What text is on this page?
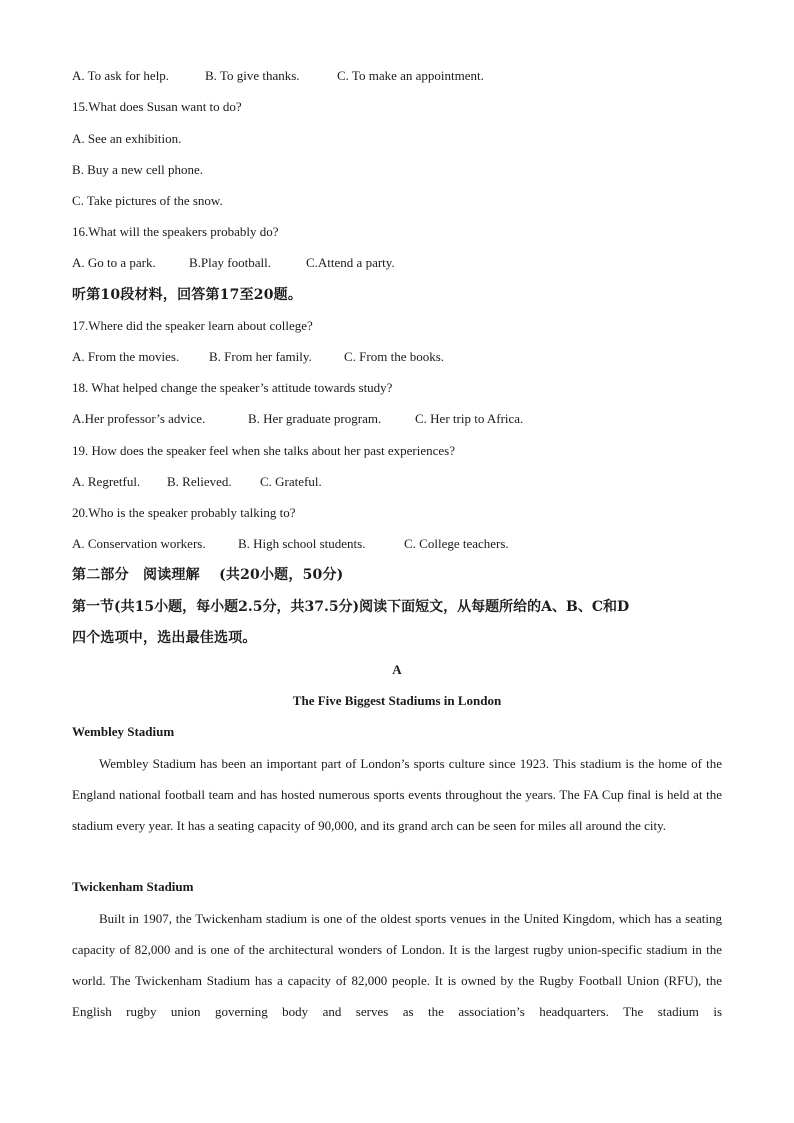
A. To ask for help.	B. To give thanks.	C. To make an appointment.
15.What does Susan want to do?
A. See an exhibition.
B. Buy a new cell phone.
C. Take pictures of the snow.
16.What will the speakers probably do?
A. Go to a park.	B.Play football.	C.Attend a party.
听第10段材料，回答第17至20题。
17.Where did the speaker learn about college?
A. From the movies. B. From her family. C. From the books.
18. What helped change the speaker’s attitude towards study?
A.Her professor’s advice.	B. Her graduate program.	C. Her trip to Africa.
19. How does the speaker feel when she talks about her past experiences?
A. Regretful. B. Relieved. C. Grateful.
20.Who is the speaker probably talking to?
A. Conservation workers. B. High school students.	C. College teachers.
第二部分　阅读理解　 (共20小题，50分)
第一节(共15小题，每小题2.5分，共37.5分)阅读下面短文，从每题所给的A、B、C和D
四个选项中，选出最佳选项。
A
The Five Biggest Stadiums in London
Wembley Stadium

Wembley Stadium has been an important part of London’s sports culture since 1923. This stadium is the home of the England national football team and has hosted numerous sports events throughout the years. The FA Cup final is held at the stadium every year. It has a seating capacity of 90,000, and its grand arch can be seen for miles all around the city.

Twickenham Stadium

Built in 1907, the Twickenham stadium is one of the oldest sports venues in the United Kingdom, which has a seating capacity of 82,000 and is one of the architectural wonders of London. It is the largest rugby union-specific stadium in the world. The Twickenham Stadium has a capacity of 82,000 people. It is owned by the Rugby Football Union (RFU), the English rugby union governing body and serves as the association’s headquarters. The stadium is
